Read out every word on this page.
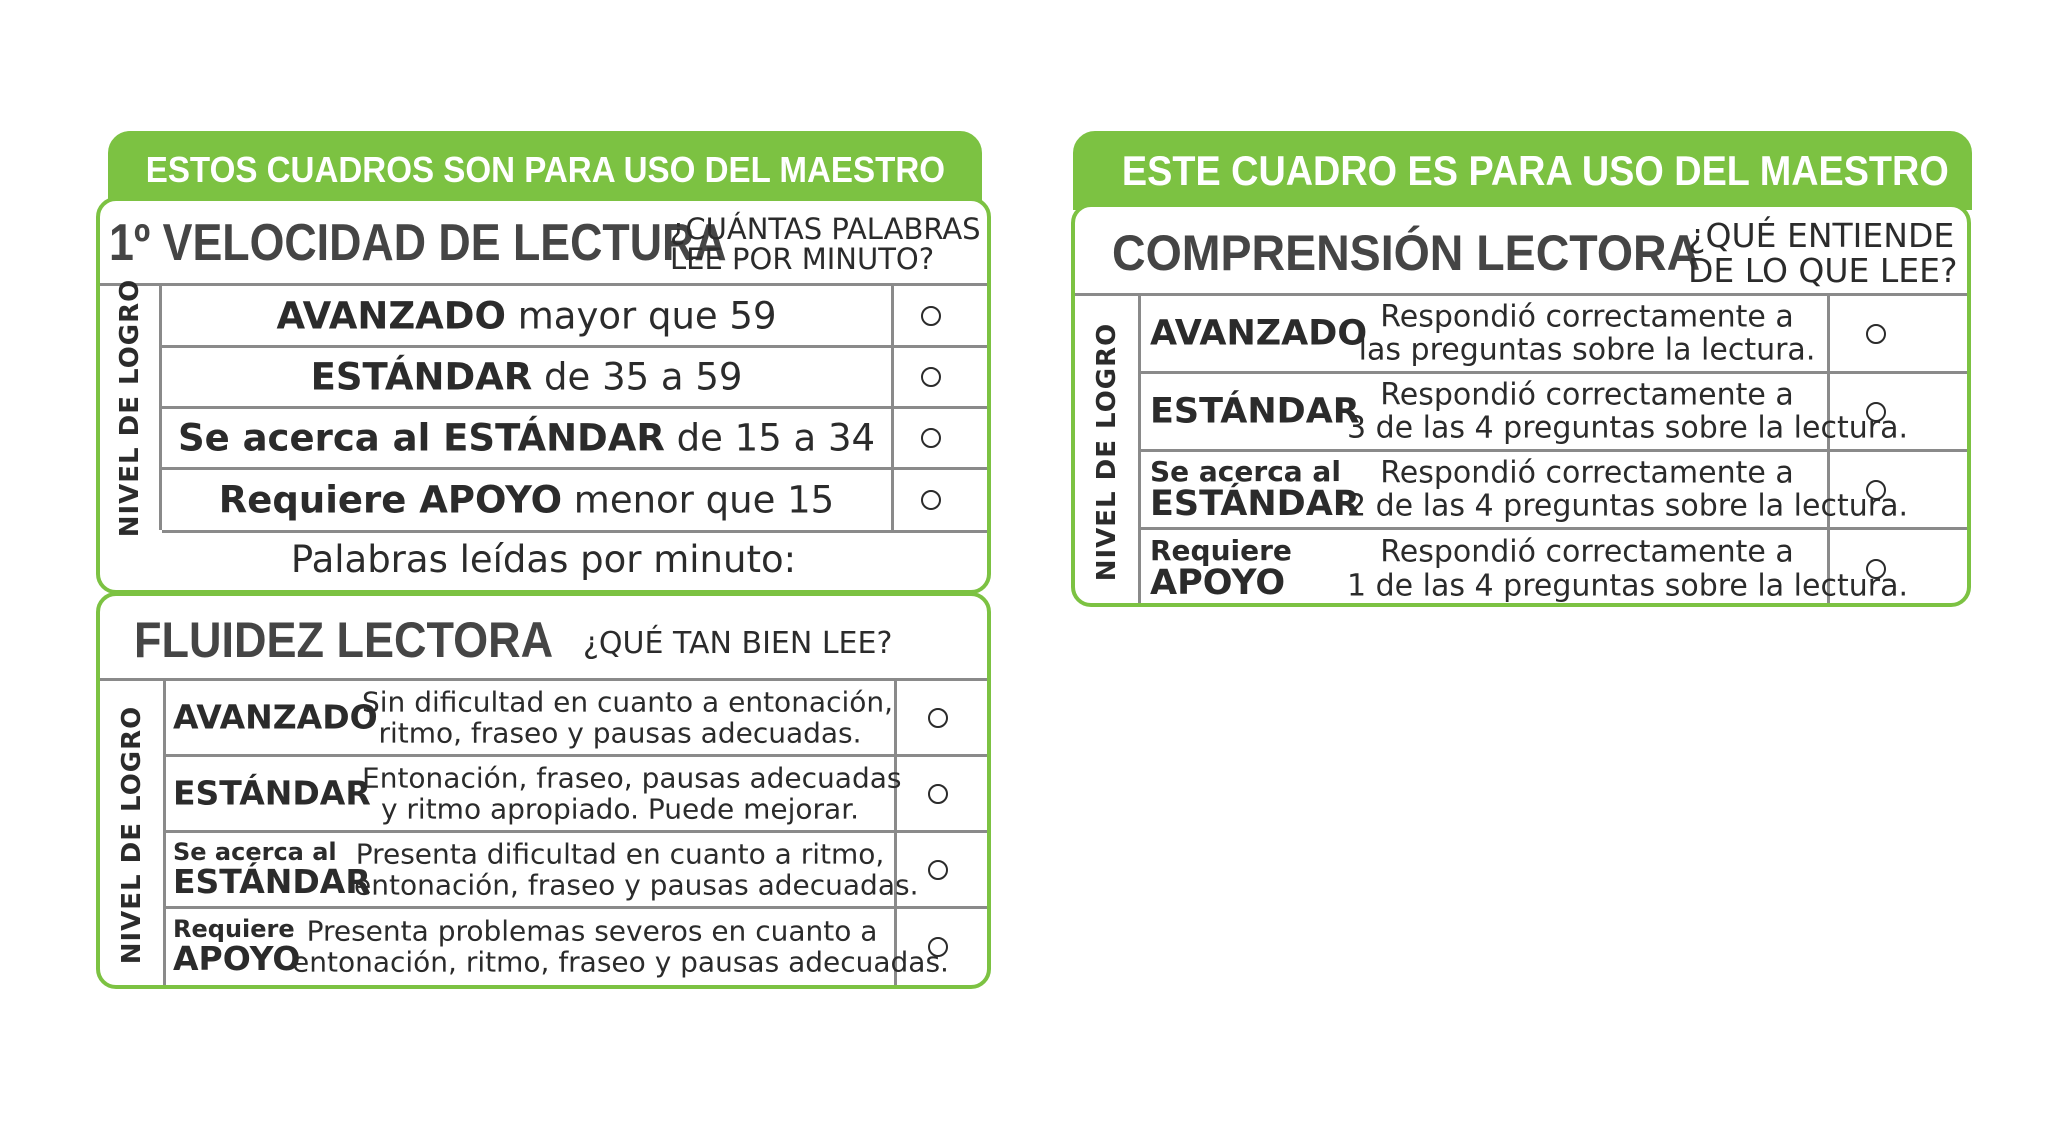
ESTOS CUADROS SON PARA USO DEL MAESTRO
1º VELOCIDAD DE LECTURA
¿CUÁNTAS PALABRAS
LEE POR MINUTO?
NIVEL DE LOGRO	AVANZADO mayor que 59
ESTÁNDAR de 35 a 59
Se acerca al ESTÁNDAR de 15 a 34
Requiere APOYO menor que 15
Palabras leídas por minuto:
FLUIDEZ LECTORA ¿QUÉ TAN BIEN LEE?
NIVEL DE LOGRO AVANZADO
Sin dificultad en cuanto a entonación,
ritmo, fraseo y pausas adecuadas.
ESTÁNDAR
Entonación, fraseo, pausas adecuadas
y ritmo apropiado. Puede mejorar.
Se acerca al
ESTÁNDAR
Presenta dificultad en cuanto a ritmo,
entonación, fraseo y pausas adecuadas.
Requiere
APOYO
Presenta problemas severos en cuanto a
entonación, ritmo, fraseo y pausas adecuadas.
ESTE CUADRO ES PARA USO DEL MAESTRO
COMPRENSIÓN LECTORA
¿QUÉ ENTIENDE
DE LO QUE LEE?
NIVEL DE LOGRO AVANZADO Respondió correctamente a
las preguntas sobre la lectura.
ESTÁNDAR Respondió correctamente a
3 de las 4 preguntas sobre la lectura.
Se acerca al
ESTÁNDAR
Respondió correctamente a
2 de las 4 preguntas sobre la lectura.
Requiere
APOYO
Respondió correctamente a
1 de las 4 preguntas sobre la lectura.
